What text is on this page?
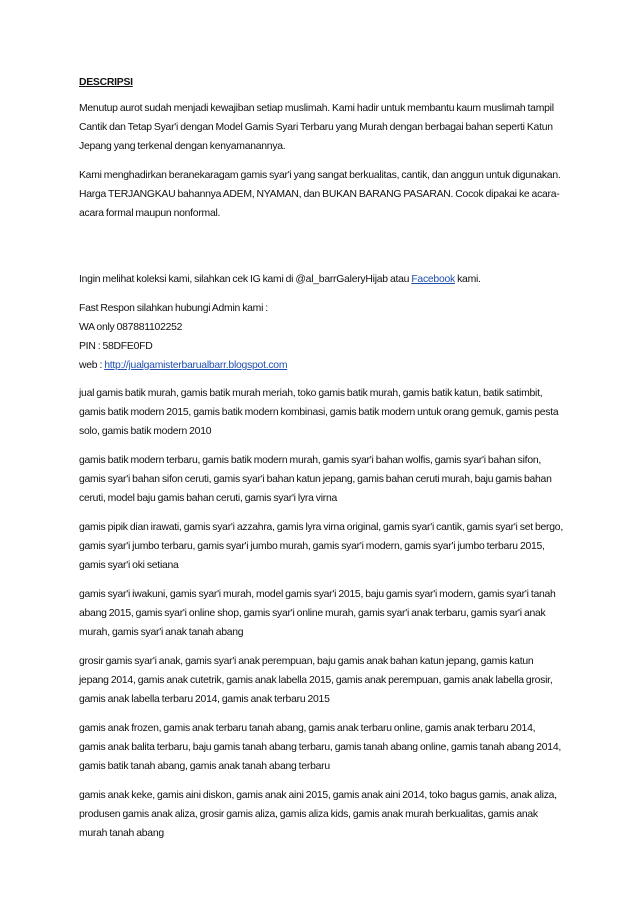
DESCRIPSI

Menutup aurot sudah menjadi kewajiban setiap muslimah. Kami hadir untuk membantu kaum muslimah tampil Cantik dan Tetap Syar'i dengan Model Gamis Syari Terbaru yang Murah dengan berbagai bahan seperti Katun Jepang yang terkenal dengan kenyamanannya.

Kami menghadirkan beranekaragam gamis syar'i yang sangat berkualitas, cantik, dan anggun untuk digunakan. Harga TERJANGKAU bahannya ADEM, NYAMAN, dan BUKAN BARANG PASARAN. Cocok dipakai ke acara-acara formal maupun nonformal.

Ingin melihat koleksi kami, silahkan cek IG kami di @al_barrGaleryHijab atau Facebook kami.

Fast Respon silahkan hubungi Admin kami :

WA only 087881102252

PIN : 58DFE0FD

web : http://jualgamisterbarualbarr.blogspot.com

jual gamis batik murah, gamis batik murah meriah, toko gamis batik murah, gamis batik katun, batik satimbit, gamis batik modern 2015, gamis batik modern kombinasi, gamis batik modern untuk orang gemuk, gamis pesta solo, gamis batik modern 2010

gamis batik modern terbaru, gamis batik modern murah, gamis syar'i bahan wolfis, gamis syar'i bahan sifon, gamis syar'i bahan sifon ceruti, gamis syar'i bahan katun jepang, gamis bahan ceruti murah, baju gamis bahan ceruti, model baju gamis bahan ceruti, gamis syar'i lyra virna

gamis pipik dian irawati, gamis syar'i azzahra, gamis lyra virna original, gamis syar'i cantik, gamis syar'i set bergo, gamis syar'i jumbo terbaru, gamis syar'i jumbo murah, gamis syar'i modern, gamis syar'i jumbo terbaru 2015, gamis syar'i oki setiana

gamis syar'i iwakuni, gamis syar'i murah, model gamis syar'i 2015, baju gamis syar'i modern, gamis syar'i tanah abang 2015, gamis syar'i online shop, gamis syar'i online murah, gamis syar'i anak terbaru, gamis syar'i anak murah, gamis syar'i anak tanah abang

grosir gamis syar'i anak, gamis syar'i anak perempuan, baju gamis anak bahan katun jepang, gamis katun jepang 2014, gamis anak cutetrik, gamis anak labella 2015, gamis anak perempuan, gamis anak labella grosir, gamis anak labella terbaru 2014, gamis anak terbaru 2015

gamis anak frozen, gamis anak terbaru tanah abang, gamis anak terbaru online, gamis anak terbaru 2014, gamis anak balita terbaru, baju gamis tanah abang terbaru, gamis tanah abang online, gamis tanah abang 2014, gamis batik tanah abang, gamis anak tanah abang terbaru

gamis anak keke, gamis aini diskon, gamis anak aini 2015, gamis anak aini 2014, toko bagus gamis, anak aliza, produsen gamis anak aliza, grosir gamis aliza, gamis aliza kids, gamis anak murah berkualitas, gamis anak murah tanah abang
